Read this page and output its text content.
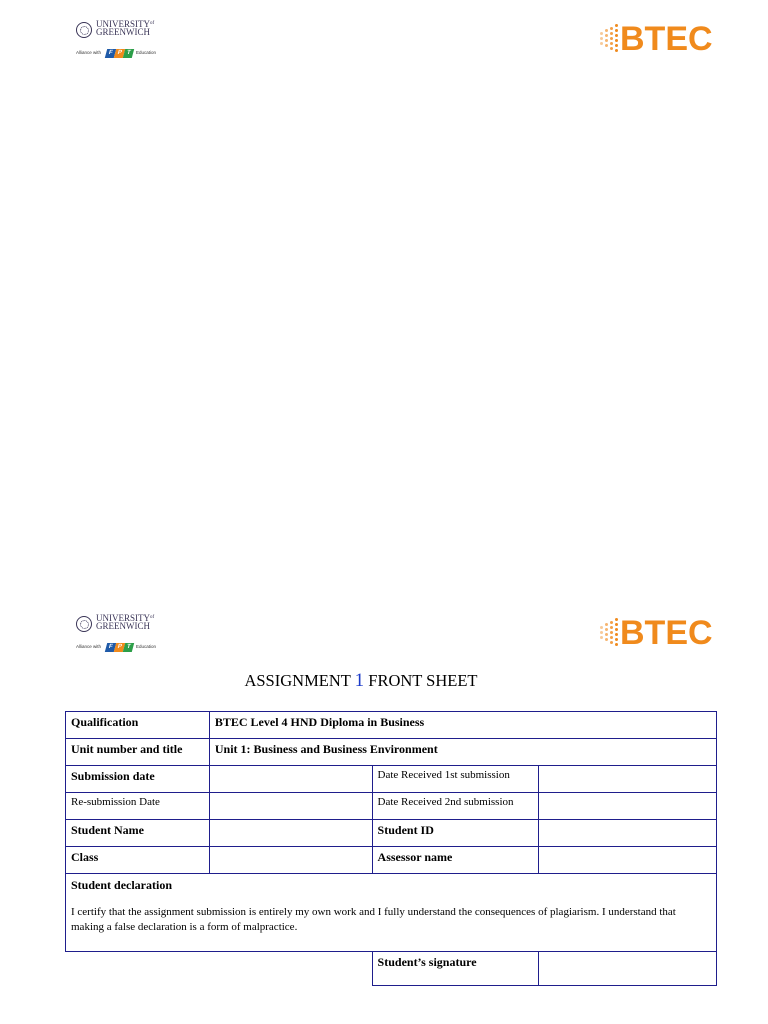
$UNIVERSITY^{of}$
GREENWICH
Alliance with	F P T	Education	BTEC
$UNIVERSITY^{of}$
GREENWICH
Alliance with	F P T	Education	BTEC
ASSIGNMENT 1 FRONT SHEET
Qualification	BTEC Level 4 HND Diploma in Business		
Unit number and title	Unit 1: Business and Business Environment		
Submission date		Date Received 1st submission	
Re-submission Date		Date Received 2nd submission	
Student Name		Student ID	
Class		Assessor name	

Student declaration

I certify that the assignment submission is entirely my own work and I fully understand the consequences of plagiarism. I understand that making a false declaration is a form of malpractice.			

		Student’s signature	
